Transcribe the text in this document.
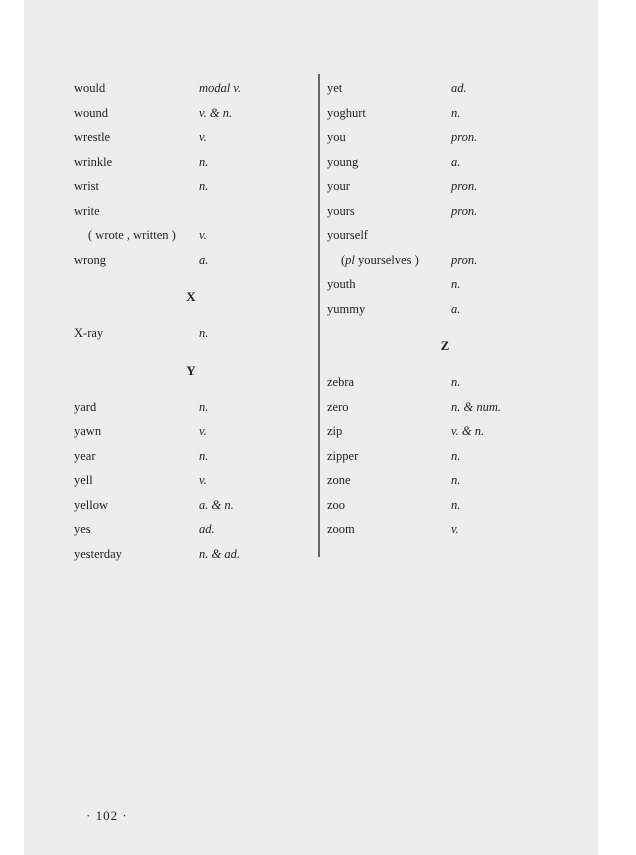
would	modal v.
wound	v. & n.
wrestle	v.
wrinkle	n.
wrist	n.
write
( wrote , written ) v.
wrong	a.
X
X-ray	n.
Y
yard	n.
yawn	v.
year	n.
yell	v.
yellow	a. & n.
yes	ad.
yesterday	n. & ad.
yet	ad.
yoghurt	n.
you	pron.
young	a.
your	pron.
yours	pron.
yourself
(pl yourselves )	pron.
youth	n.
yummy	a.
Z
zebra	n.
zero	n. & num.
zip	v. & n.
zipper	n.
zone	n.
zoo	n.
zoom	v.
· 102 ·
